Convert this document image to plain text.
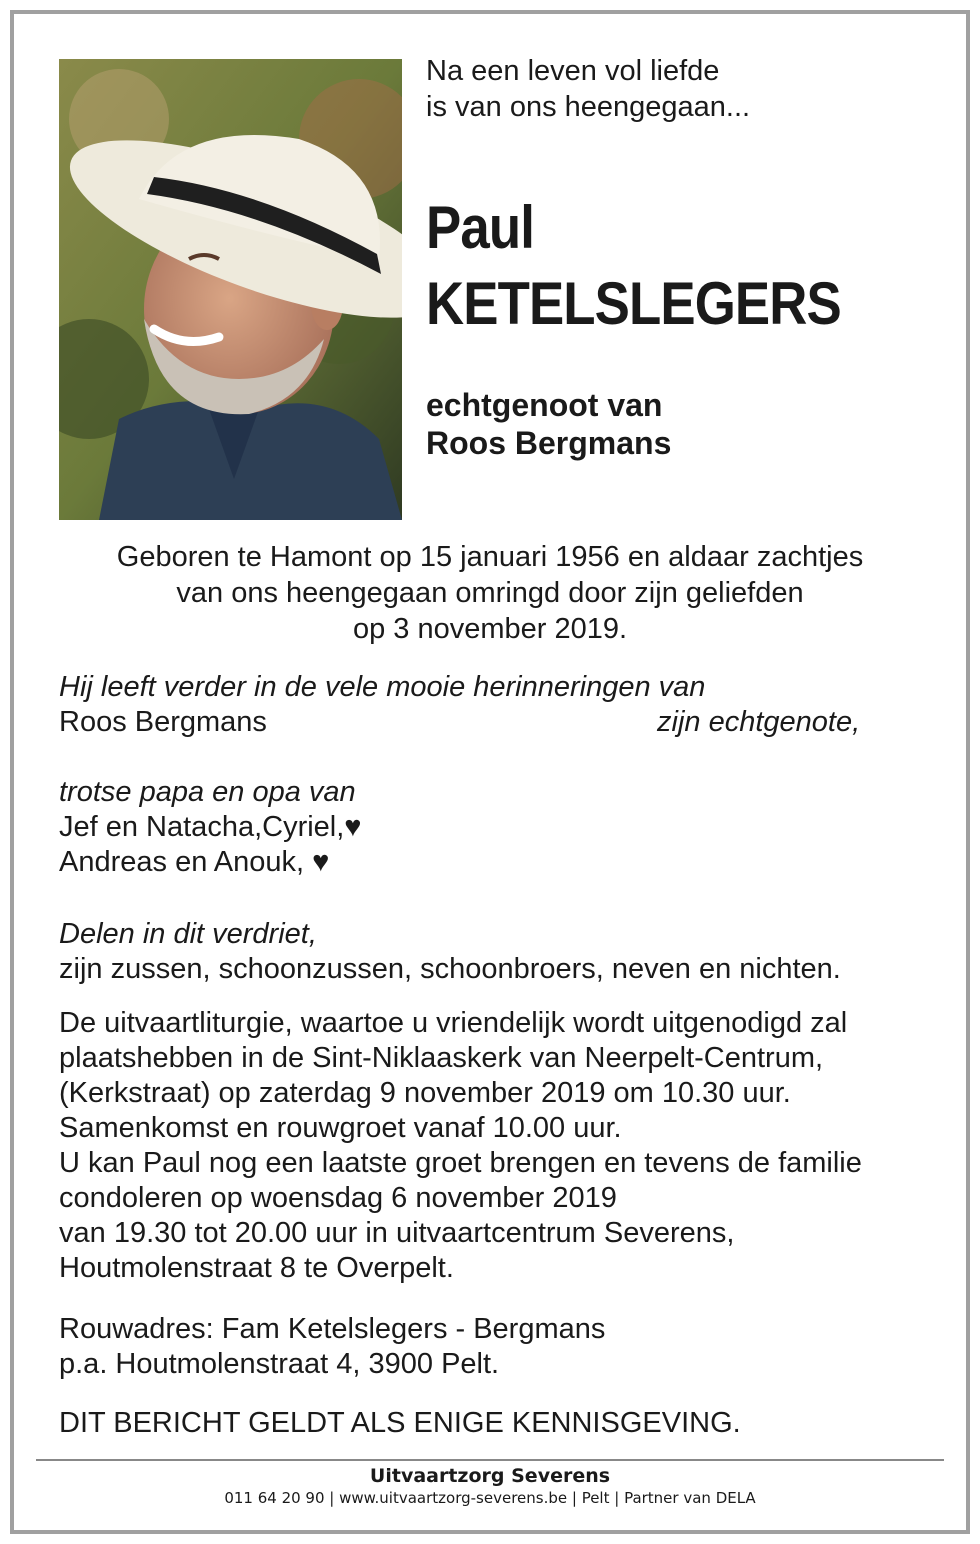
Na een leven vol liefde
is van ons heengegaan...
Paul
KETELSLEGERS
echtgenoot van
Roos Bergmans
Geboren te Hamont op 15 januari 1956 en aldaar zachtjes
van ons heengegaan omringd door zijn geliefden
op 3 november 2019.
Hij leeft verder in de vele mooie herinneringen van
Roos Bergmans	zijn echtgenote,
trotse papa en opa van
Jef en Natacha,Cyriel,♥
Andreas en Anouk, ♥
Delen in dit verdriet,
zijn zussen, schoonzussen, schoonbroers, neven en nichten.
De uitvaartliturgie, waartoe u vriendelijk wordt uitgenodigd zal
plaatshebben in de Sint-Niklaaskerk van Neerpelt-Centrum,
(Kerkstraat) op zaterdag 9 november 2019 om 10.30 uur.
Samenkomst en rouwgroet vanaf 10.00 uur.
U kan Paul nog een laatste groet brengen en tevens de familie
condoleren op woensdag 6 november 2019
van 19.30 tot 20.00 uur in uitvaartcentrum Severens,
Houtmolenstraat 8 te Overpelt.
Rouwadres: Fam Ketelslegers - Bergmans
p.a. Houtmolenstraat 4, 3900 Pelt.
DIT BERICHT GELDT ALS ENIGE KENNISGEVING.
Uitvaartzorg Severens
011 64 20 90 | www.uitvaartzorg-severens.be | Pelt | Partner van DELA
